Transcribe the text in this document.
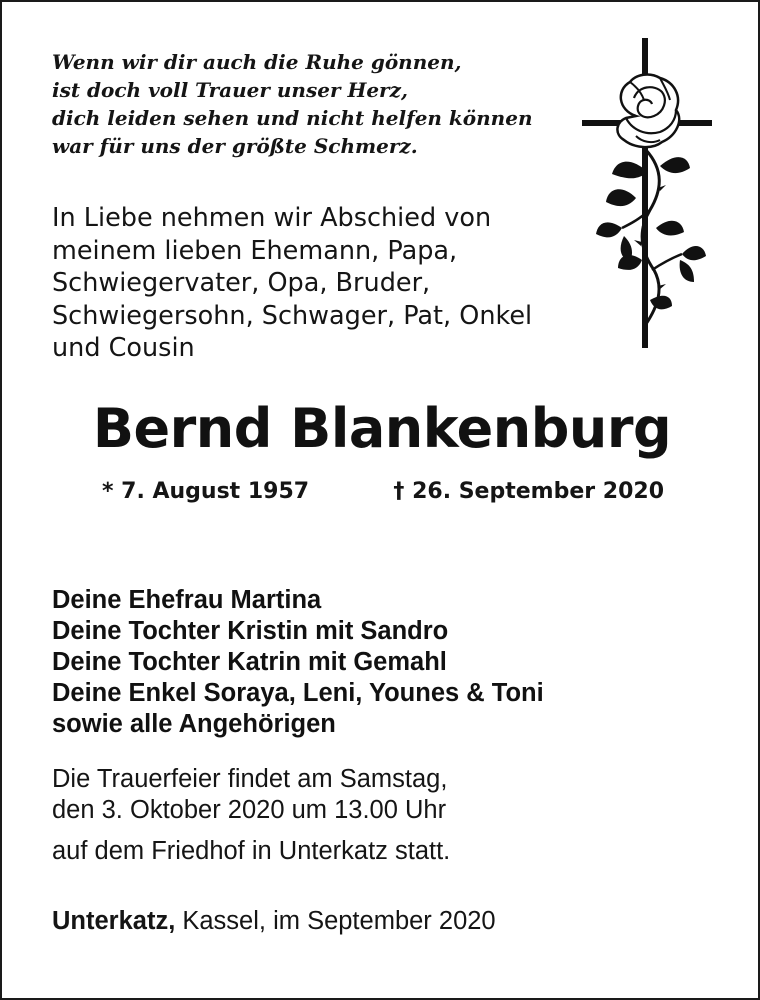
Wenn wir dir auch die Ruhe gönnen,
ist doch voll Trauer unser Herz,
dich leiden sehen und nicht helfen können
war für uns der größte Schmerz.
In Liebe nehmen wir Abschied von
meinem lieben Ehemann, Papa,
Schwiegervater, Opa, Bruder,
Schwiegersohn, Schwager, Pat, Onkel
und Cousin
Bernd Blankenburg
* 7. August 1957	† 26. September 2020
Deine Ehefrau Martina
Deine Tochter Kristin mit Sandro
Deine Tochter Katrin mit Gemahl
Deine Enkel Soraya, Leni, Younes & Toni
sowie alle Angehörigen
Die Trauerfeier findet am Samstag,
den 3. Oktober 2020 um 13.00 Uhr
auf dem Friedhof in Unterkatz statt.
Unterkatz, Kassel, im September 2020
